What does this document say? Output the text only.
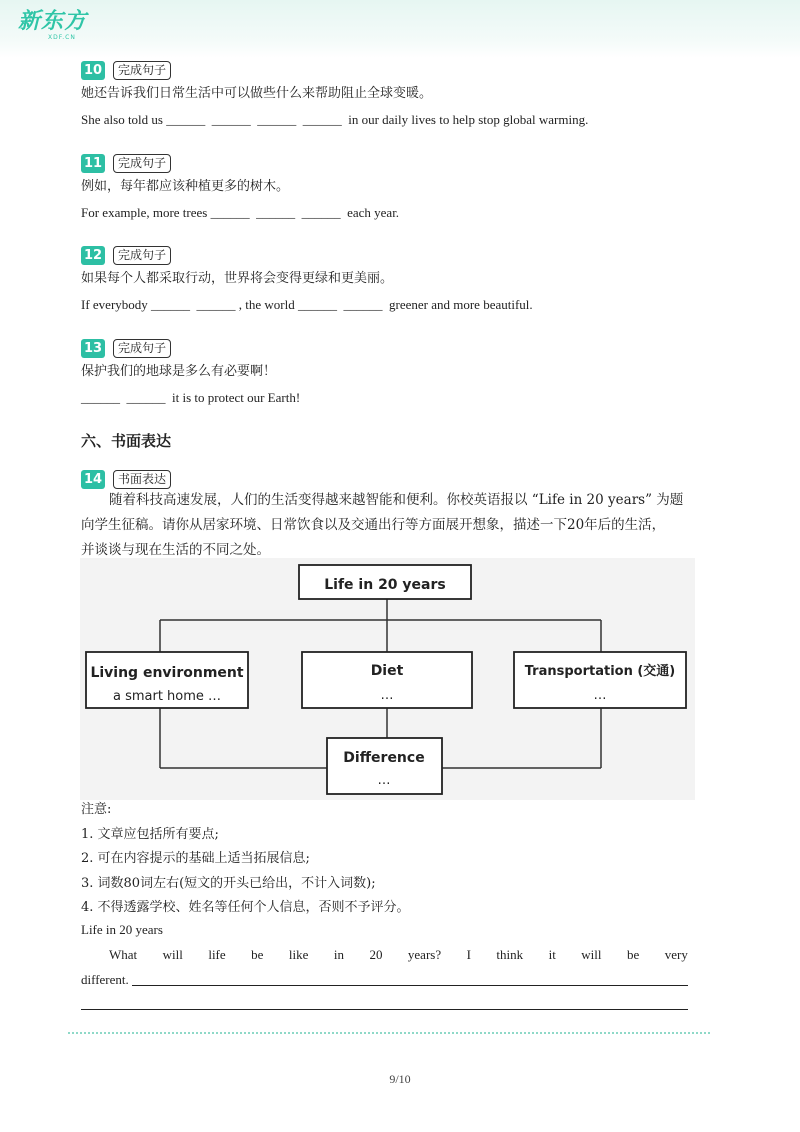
新东方
XDF.CN
10	完成句子
她还告诉我们日常生活中可以做些什么来帮助阻止全球变暖。
She also told us ______  ______  ______  ______  in our daily lives to help stop global warming.
11	完成句子
例如，每年都应该种植更多的树木。
For example, more trees ______  ______  ______  each year.
12	完成句子
如果每个人都采取行动，世界将会变得更绿和更美丽。
If everybody ______  ______ , the world ______  ______  greener and more beautiful.
13	完成句子
保护我们的地球是多么有必要啊！
______  ______  it is to protect our Earth!
六、书面表达
14	书面表达
随着科技高速发展，人们的生活变得越来越智能和便利。你校英语报以 “Life in 20 years” 为题
向学生征稿。请你从居家环境、日常饮食以及交通出行等方面展开想象，描述一下20年后的生活，
并谈谈与现在生活的不同之处。
Life in 20 years
Living environment
a smart home …
Diet
…
Transportation (交通)
…
Difference
…
注意:
1. 文章应包括所有要点;
2. 可在内容提示的基础上适当拓展信息;
3. 词数80词左右(短文的开头已给出，不计入词数);
4. 不得透露学校、姓名等任何个人信息，否则不予评分。
Life in 20 years
What will life be like in 20 years? I think it will be very
different.
9/10
